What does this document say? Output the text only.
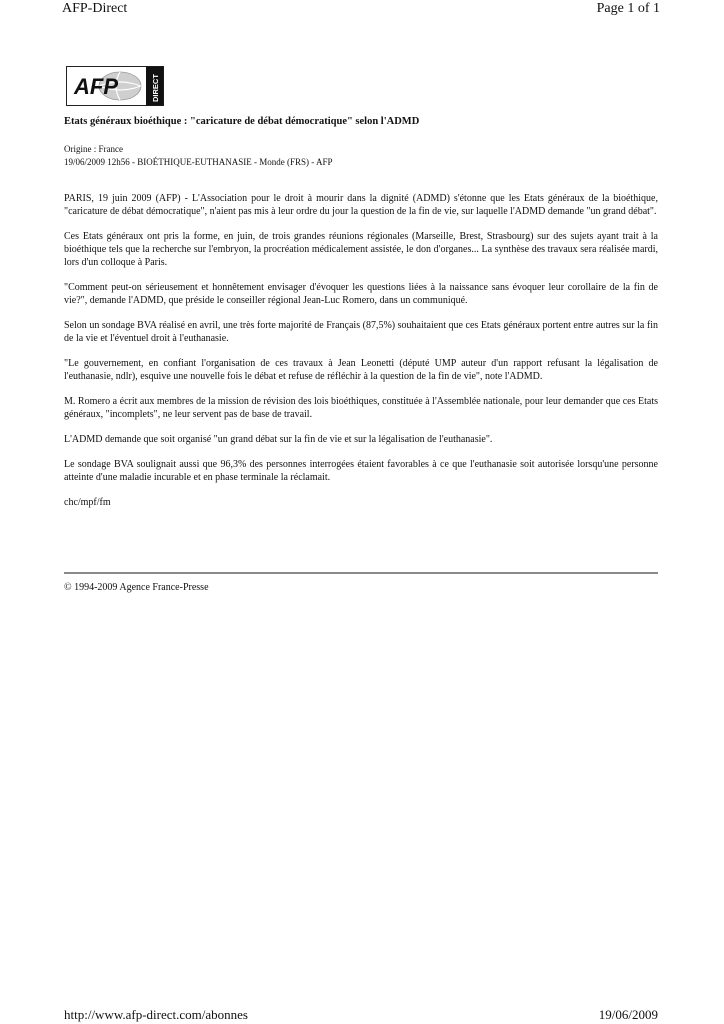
AFP-Direct	Page 1 of 1
AFP	DIRECT
Etats généraux bioéthique : "caricature de débat démocratique" selon l'ADMD
Origine : France
19/06/2009 12h56 - BIOÉTHIQUE-EUTHANASIE - Monde (FRS) - AFP

PARIS, 19 juin 2009 (AFP) - L'Association pour le droit à mourir dans la dignité (ADMD) s'étonne que les Etats généraux de la bioéthique, "caricature de débat démocratique", n'aient pas mis à leur ordre du jour la question de la fin de vie, sur laquelle l'ADMD demande "un grand débat".

Ces Etats généraux ont pris la forme, en juin, de trois grandes réunions régionales (Marseille, Brest, Strasbourg) sur des sujets ayant trait à la bioéthique tels que la recherche sur l'embryon, la procréation médicalement assistée, le don d'organes... La synthèse des travaux sera réalisée mardi, lors d'un colloque à Paris.

"Comment peut-on sérieusement et honnêtement envisager d'évoquer les questions liées à la naissance sans évoquer leur corollaire de la fin de vie?", demande l'ADMD, que préside le conseiller régional Jean-Luc Romero, dans un communiqué.

Selon un sondage BVA réalisé en avril, une très forte majorité de Français (87,5%) souhaitaient que ces Etats généraux portent entre autres sur la fin de la vie et l'éventuel droit à l'euthanasie.

"Le gouvernement, en confiant l'organisation de ces travaux à Jean Leonetti (député UMP auteur d'un rapport refusant la légalisation de l'euthanasie, ndlr), esquive une nouvelle fois le débat et refuse de réfléchir à la question de la fin de vie", note l'ADMD.

M. Romero a écrit aux membres de la mission de révision des lois bioéthiques, constituée à l'Assemblée nationale, pour leur demander que ces Etats généraux, "incomplets", ne leur servent pas de base de travail.

L'ADMD demande que soit organisé "un grand débat sur la fin de vie et sur la légalisation de l'euthanasie".

Le sondage BVA soulignait aussi que 96,3% des personnes interrogées étaient favorables à ce que l'euthanasie soit autorisée lorsqu'une personne atteinte d'une maladie incurable et en phase terminale la réclamait.

chc/mpf/fm

© 1994-2009 Agence France-Presse
http://www.afp-direct.com/abonnes	19/06/2009
